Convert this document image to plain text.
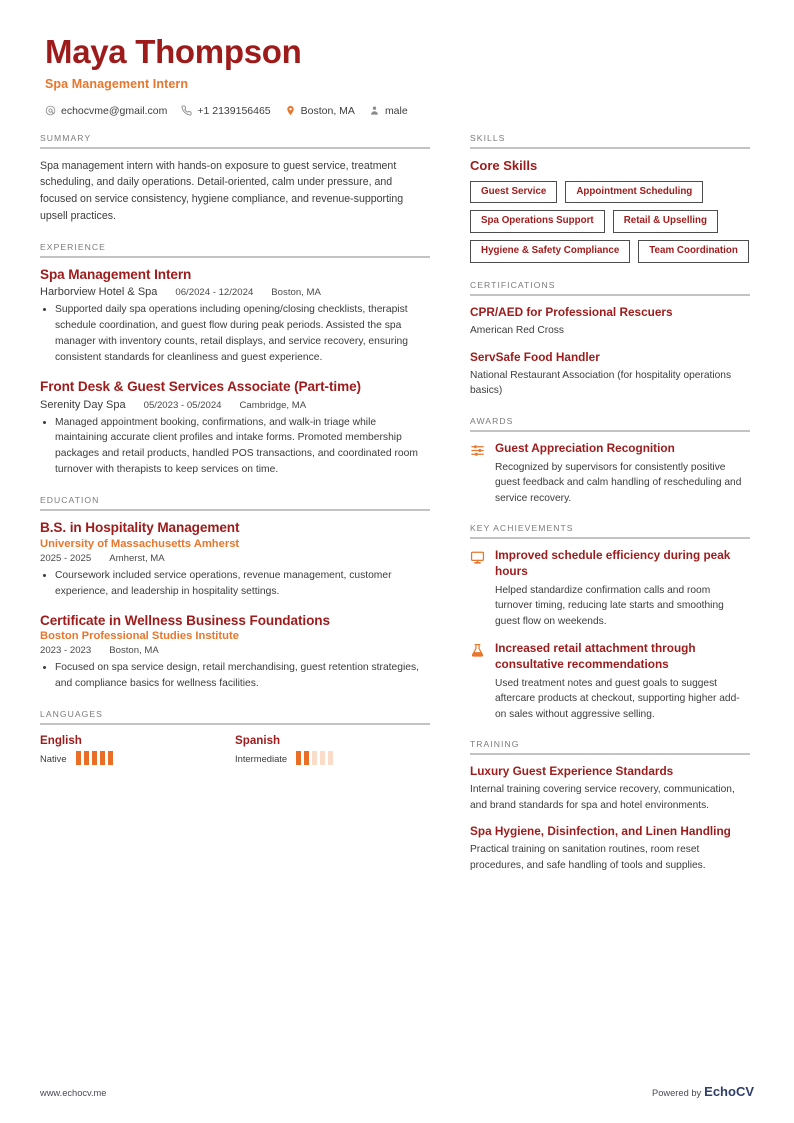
Maya Thompson
Spa Management Intern
echocvme@gmail.com	+1 2139156465	Boston, MA	male
SUMMARY
Spa management intern with hands-on exposure to guest service, treatment scheduling, and daily operations. Detail-oriented, calm under pressure, and focused on service consistency, hygiene compliance, and revenue-supporting upsell practices.
EXPERIENCE
Spa Management Intern
Harborview Hotel & Spa 06/2024 - 12/2024 Boston, MA
• Supported daily spa operations including opening/closing checklists, therapist schedule coordination, and guest flow during peak periods. Assisted the spa manager with inventory counts, retail displays, and service recovery, ensuring consistent standards for cleanliness and guest experience.
Front Desk & Guest Services Associate (Part-time)
Serenity Day Spa 05/2023 - 05/2024 Cambridge, MA
• Managed appointment booking, confirmations, and walk-in triage while maintaining accurate client profiles and intake forms. Promoted membership packages and retail products, handled POS transactions, and coordinated room turnover with therapists to keep services on time.
EDUCATION
B.S. in Hospitality Management
University of Massachusetts Amherst
2025 - 2025 Amherst, MA
• Coursework included service operations, revenue management, customer experience, and leadership in hospitality settings.
Certificate in Wellness Business Foundations
Boston Professional Studies Institute
2023 - 2023 Boston, MA
• Focused on spa service design, retail merchandising, guest retention strategies, and compliance basics for wellness facilities.
LANGUAGES
English
Native
Spanish
Intermediate
SKILLS
Core Skills
Guest Service	Appointment Scheduling
Spa Operations Support	Retail & Upselling
Hygiene & Safety Compliance	Team Coordination
CERTIFICATIONS
CPR/AED for Professional Rescuers
American Red Cross
ServSafe Food Handler
National Restaurant Association (for hospitality operations basics)
AWARDS
Guest Appreciation Recognition
Recognized by supervisors for consistently positive guest feedback and calm handling of rescheduling and service recovery.
KEY ACHIEVEMENTS
Improved schedule efficiency during peak hours
Helped standardize confirmation calls and room turnover timing, reducing late starts and smoothing guest flow on weekends.
Increased retail attachment through consultative recommendations
Used treatment notes and guest goals to suggest aftercare products at checkout, supporting higher add-on sales without aggressive selling.
TRAINING
Luxury Guest Experience Standards
Internal training covering service recovery, communication, and brand standards for spa and hotel environments.
Spa Hygiene, Disinfection, and Linen Handling
Practical training on sanitation routines, room reset procedures, and safe handling of tools and supplies.
www.echocv.me	Powered by EchoCV
